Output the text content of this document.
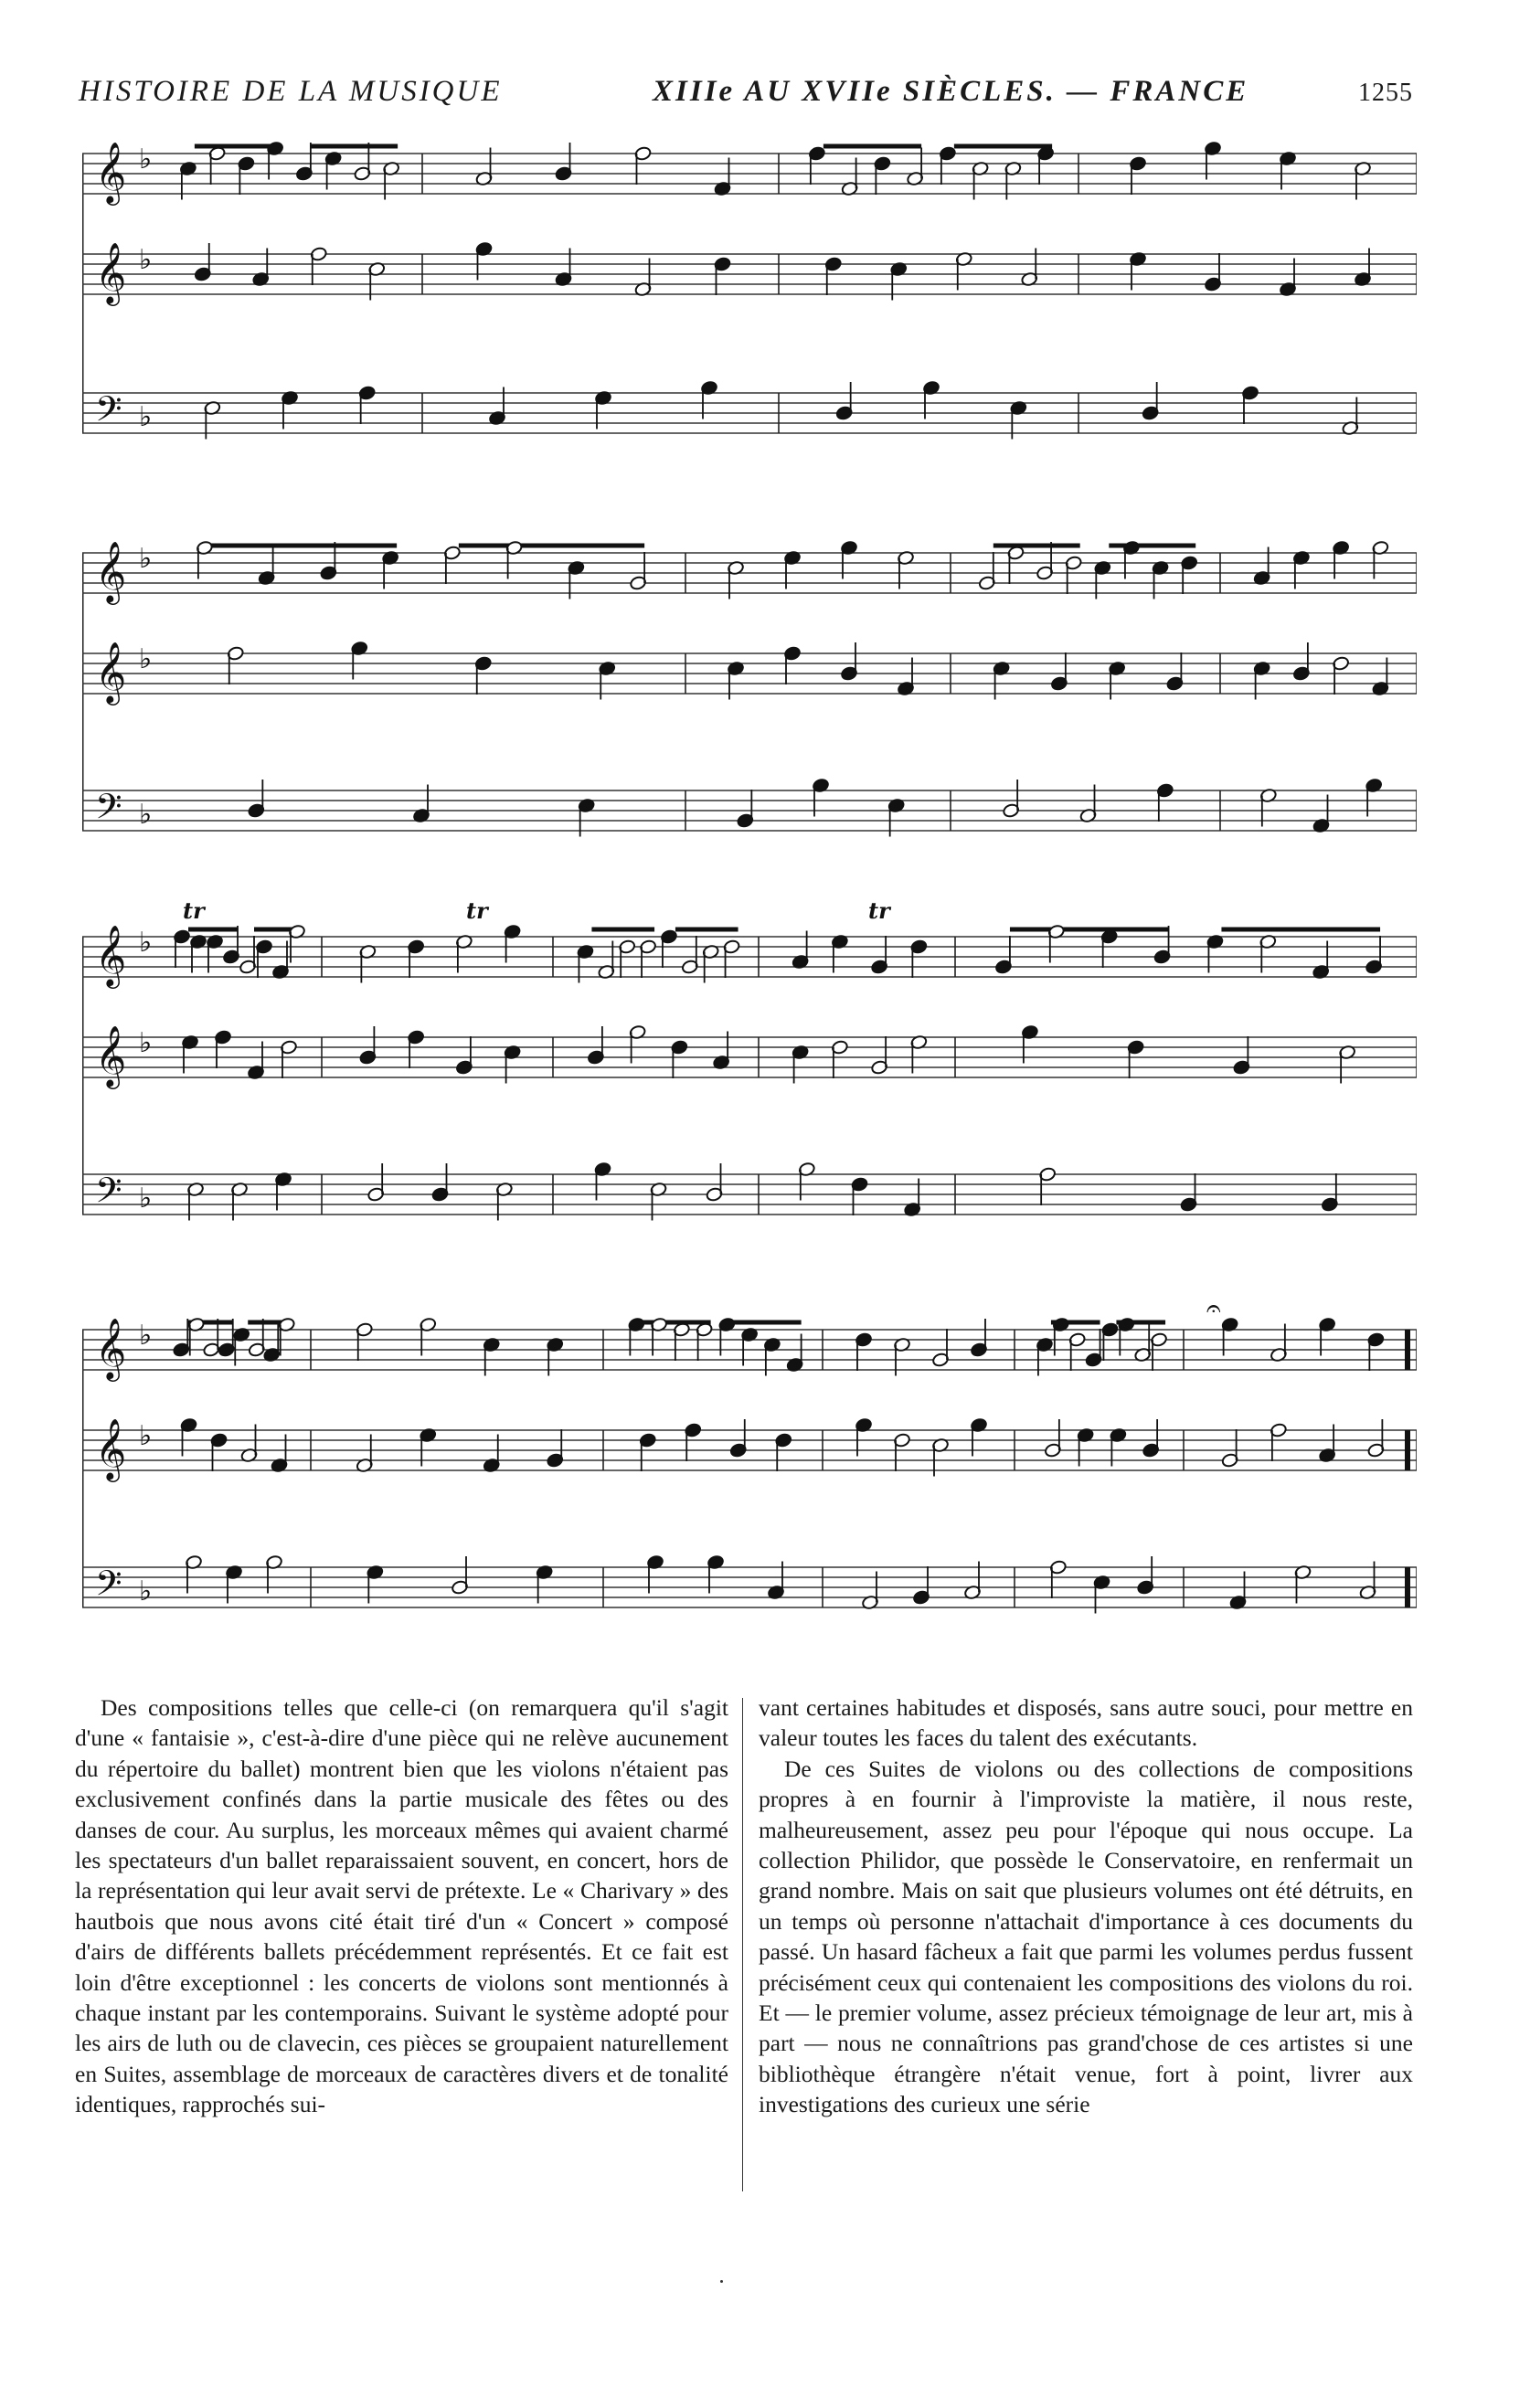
HISTOIRE DE LA MUSIQUE	XIIIe AU XVIIe SIÈCLES. — FRANCE	1255
𝄞 ♭
𝄞 ♭
𝄢 ♭
𝄞 ♭
𝄞 ♭
𝄢 ♭
𝄞 ♭
𝄞 ♭
𝄢 ♭
𝄞 ♭
𝄞 ♭
𝄢 ♭
𝄐
tr	tr	tr

Des compositions telles que celle-ci (on remarquera qu'il s'agit d'une « fantaisie », c'est-à-dire d'une pièce qui ne relève aucunement du répertoire du ballet) montrent bien que les violons n'étaient pas exclusivement confinés dans la partie musicale des fêtes ou des danses de cour. Au surplus, les morceaux mêmes qui avaient charmé les spectateurs d'un ballet reparaissaient souvent, en concert, hors de la représentation qui leur avait servi de prétexte. Le « Charivary » des hautbois que nous avons cité était tiré d'un « Concert » composé d'airs de différents ballets précédemment représentés. Et ce fait est loin d'être exceptionnel : les concerts de violons sont mentionnés à chaque instant par les contemporains. Suivant le système adopté pour les airs de luth ou de clavecin, ces pièces se groupaient naturellement en Suites, assemblage de morceaux de caractères divers et de tonalité identiques, rapprochés sui-

vant certaines habitudes et disposés, sans autre souci, pour mettre en valeur toutes les faces du talent des exécutants.

De ces Suites de violons ou des collections de compositions propres à en fournir à l'improviste la matière, il nous reste, malheureusement, assez peu pour l'époque qui nous occupe. La collection Philidor, que possède le Conservatoire, en renfermait un grand nombre. Mais on sait que plusieurs volumes ont été détruits, en un temps où personne n'attachait d'importance à ces documents du passé. Un hasard fâcheux a fait que parmi les volumes perdus fussent précisément ceux qui contenaient les compositions des violons du roi. Et — le premier volume, assez précieux témoignage de leur art, mis à part — nous ne connaîtrions pas grand'chose de ces artistes si une bibliothèque étrangère n'était venue, fort à point, livrer aux investigations des curieux une série
